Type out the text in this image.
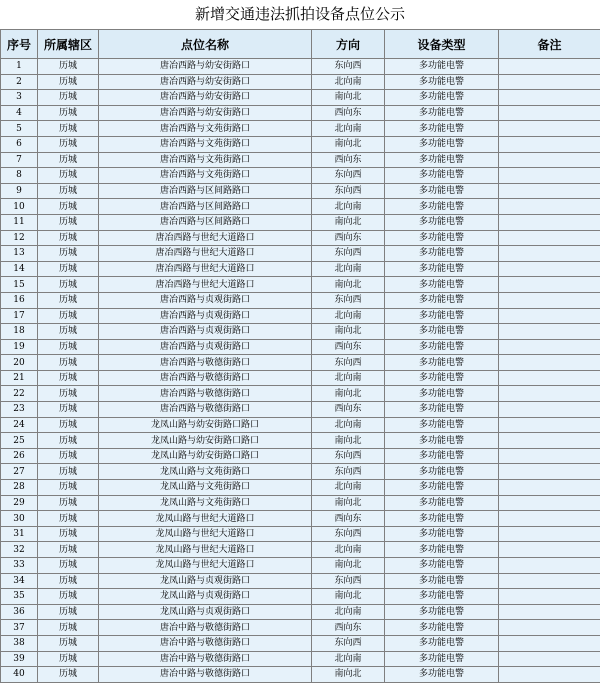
新增交通违法抓拍设备点位公示
序号	所属辖区	点位名称	方向	设备类型	备注
1	历城	唐冶西路与幼安街路口	东向西	多功能电警	
2	历城	唐冶西路与幼安街路口	北向南	多功能电警	
3	历城	唐冶西路与幼安街路口	南向北	多功能电警	
4	历城	唐冶西路与幼安街路口	西向东	多功能电警	
5	历城	唐冶西路与文苑街路口	北向南	多功能电警	
6	历城	唐冶西路与文苑街路口	南向北	多功能电警	
7	历城	唐冶西路与文苑街路口	西向东	多功能电警	
8	历城	唐冶西路与文苑街路口	东向西	多功能电警	
9	历城	唐冶西路与区间路路口	东向西	多功能电警	
10	历城	唐冶西路与区间路路口	北向南	多功能电警	
11	历城	唐冶西路与区间路路口	南向北	多功能电警	
12	历城	唐冶西路与世纪大道路口	西向东	多功能电警	
13	历城	唐冶西路与世纪大道路口	东向西	多功能电警	
14	历城	唐冶西路与世纪大道路口	北向南	多功能电警	
15	历城	唐冶西路与世纪大道路口	南向北	多功能电警	
16	历城	唐冶西路与贞观街路口	东向西	多功能电警	
17	历城	唐冶西路与贞观街路口	北向南	多功能电警	
18	历城	唐冶西路与贞观街路口	南向北	多功能电警	
19	历城	唐冶西路与贞观街路口	西向东	多功能电警	
20	历城	唐冶西路与敬德街路口	东向西	多功能电警	
21	历城	唐冶西路与敬德街路口	北向南	多功能电警	
22	历城	唐冶西路与敬德街路口	南向北	多功能电警	
23	历城	唐冶西路与敬德街路口	西向东	多功能电警	
24	历城	龙凤山路与幼安街路口路口	北向南	多功能电警	
25	历城	龙凤山路与幼安街路口路口	南向北	多功能电警	
26	历城	龙凤山路与幼安街路口路口	东向西	多功能电警	
27	历城	龙凤山路与文苑街路口	东向西	多功能电警	
28	历城	龙凤山路与文苑街路口	北向南	多功能电警	
29	历城	龙凤山路与文苑街路口	南向北	多功能电警	
30	历城	龙凤山路与世纪大道路口	西向东	多功能电警	
31	历城	龙凤山路与世纪大道路口	东向西	多功能电警	
32	历城	龙凤山路与世纪大道路口	北向南	多功能电警	
33	历城	龙凤山路与世纪大道路口	南向北	多功能电警	
34	历城	龙凤山路与贞观街路口	东向西	多功能电警	
35	历城	龙凤山路与贞观街路口	南向北	多功能电警	
36	历城	龙凤山路与贞观街路口	北向南	多功能电警	
37	历城	唐冶中路与敬德街路口	西向东	多功能电警	
38	历城	唐冶中路与敬德街路口	东向西	多功能电警	
39	历城	唐冶中路与敬德街路口	北向南	多功能电警	
40	历城	唐冶中路与敬德街路口	南向北	多功能电警	
